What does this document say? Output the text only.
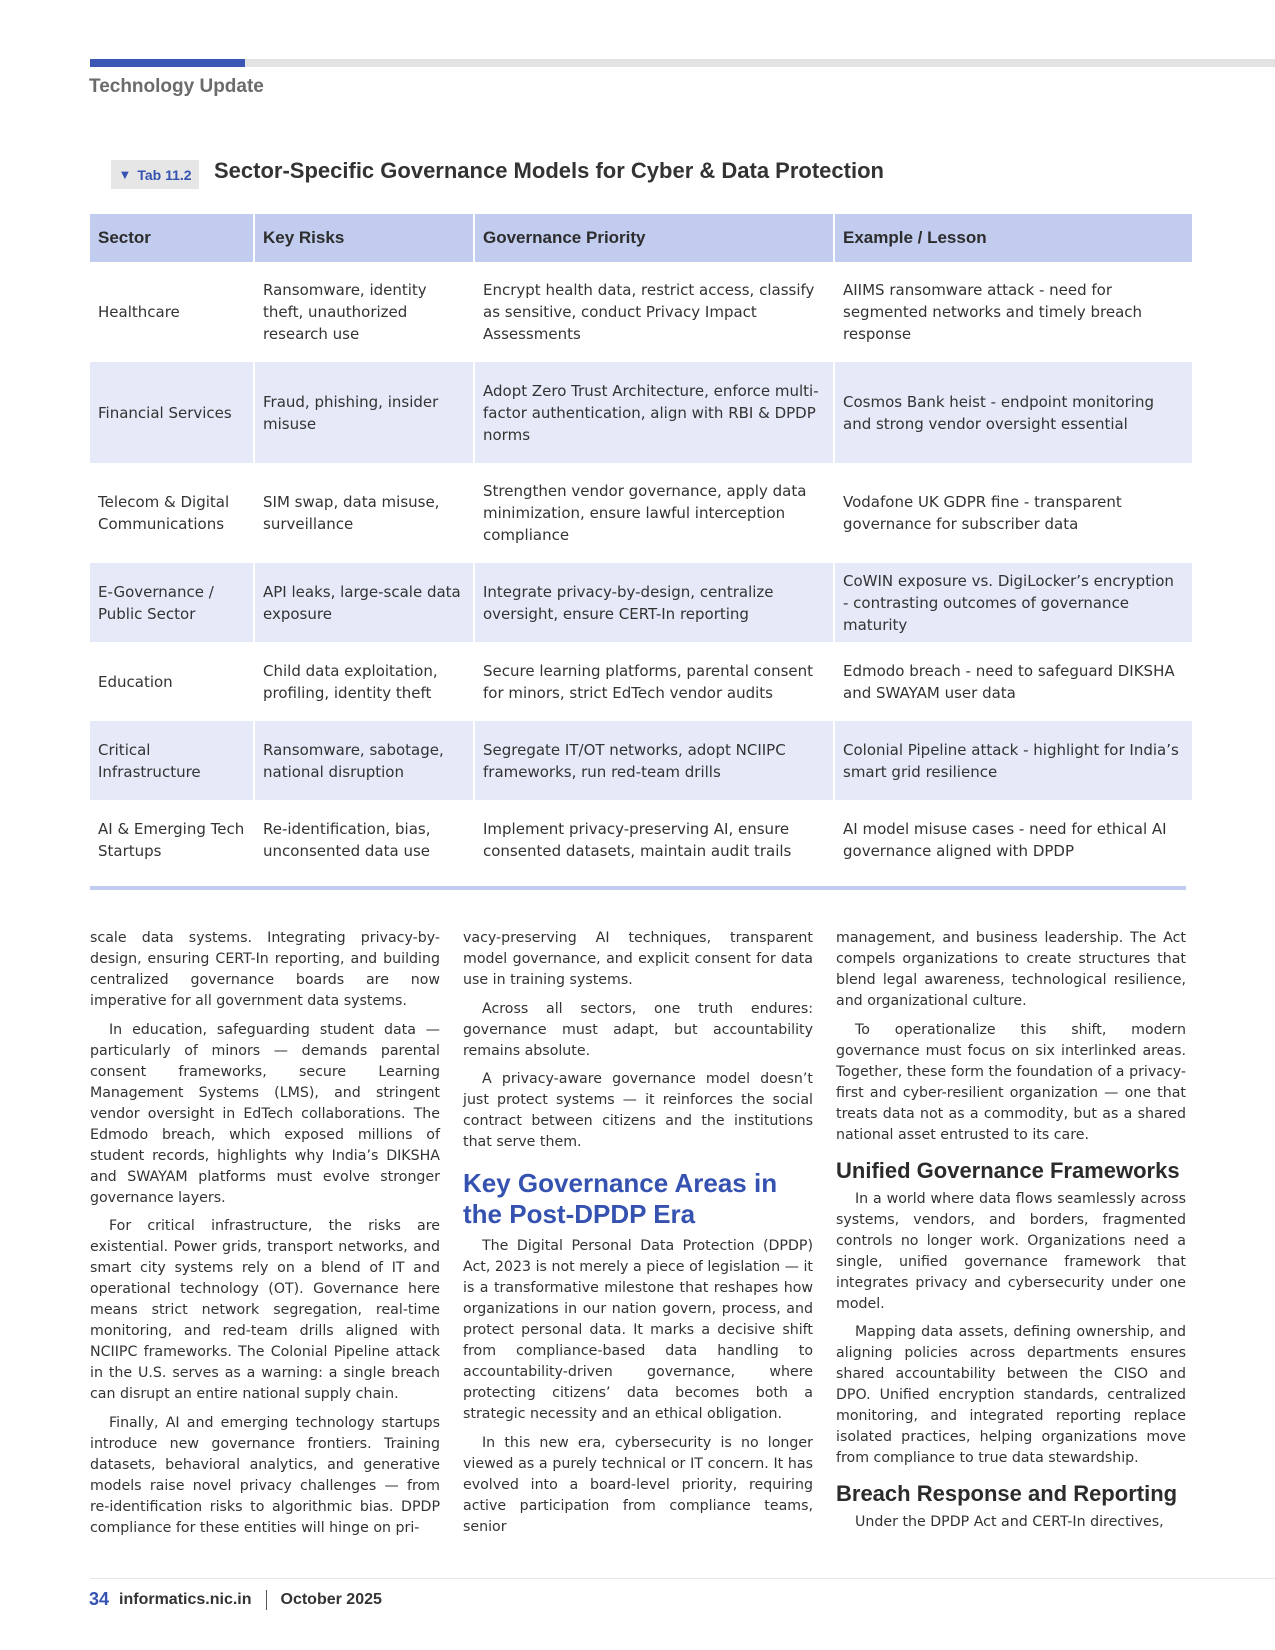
Technology Update
▼ Tab 11.2 Sector-Specific Governance Models for Cyber & Data Protection
Sector	Key Risks	Governance Priority	Example / Lesson
Healthcare	Ransomware, identity theft, unauthorized research use	Encrypt health data, restrict access, classify as sensitive, conduct Privacy Impact Assessments	AIIMS ransomware attack - need for segmented networks and timely breach response
Financial Services	Fraud, phishing, insider misuse	Adopt Zero Trust Architecture, enforce multi-factor authentication, align with RBI & DPDP norms	Cosmos Bank heist - endpoint monitoring and strong vendor oversight essential
Telecom & Digital Communications	SIM swap, data misuse, surveillance	Strengthen vendor governance, apply data minimization, ensure lawful interception compliance	Vodafone UK GDPR fine - transparent governance for subscriber data
E-Governance / Public Sector	API leaks, large-scale data exposure	Integrate privacy-by-design, centralize oversight, ensure CERT-In reporting	CoWIN exposure vs. DigiLocker’s encryption - contrasting outcomes of governance maturity
Education	Child data exploitation, profiling, identity theft	Secure learning platforms, parental consent for minors, strict EdTech vendor audits	Edmodo breach - need to safeguard DIKSHA and SWAYAM user data
Critical Infrastructure	Ransomware, sabotage, national disruption	Segregate IT/OT networks, adopt NCIIPC frameworks, run red-team drills	Colonial Pipeline attack - highlight for India’s smart grid resilience
AI & Emerging Tech Startups	Re-identification, bias, unconsented data use	Implement privacy-preserving AI, ensure consented datasets, maintain audit trails	AI model misuse cases - need for ethical AI governance aligned with DPDP

scale data systems. Integrating privacy-by-design, ensuring CERT-In reporting, and building centralized governance boards are now imperative for all government data systems.

In education, safeguarding student data — particularly of minors — demands parental consent frameworks, secure Learning Management Systems (LMS), and stringent vendor oversight in EdTech collaborations. The Edmodo breach, which exposed millions of student records, highlights why India’s DIKSHA and SWAYAM platforms must evolve stronger governance layers.

For critical infrastructure, the risks are existential. Power grids, transport networks, and smart city systems rely on a blend of IT and operational technology (OT). Governance here means strict network segregation, real-time monitoring, and red-team drills aligned with NCIIPC frameworks. The Colonial Pipeline attack in the U.S. serves as a warning: a single breach can disrupt an entire national supply chain.

Finally, AI and emerging technology startups introduce new governance frontiers. Training datasets, behavioral analytics, and generative models raise novel privacy challenges — from re-identification risks to algorithmic bias. DPDP compliance for these entities will hinge on pri-

vacy-preserving AI techniques, transparent model governance, and explicit consent for data use in training systems.

Across all sectors, one truth endures: governance must adapt, but accountability remains absolute.

A privacy-aware governance model doesn’t just protect systems — it reinforces the social contract between citizens and the institutions that serve them.

Key Governance Areas in the Post-DPDP Era

The Digital Personal Data Protection (DPDP) Act, 2023 is not merely a piece of legislation — it is a transformative milestone that reshapes how organizations in our nation govern, process, and protect personal data. It marks a decisive shift from compliance-based data handling to accountability-driven governance, where protecting citizens’ data becomes both a strategic necessity and an ethical obligation.

In this new era, cybersecurity is no longer viewed as a purely technical or IT concern. It has evolved into a board-level priority, requiring active participation from compliance teams, senior

management, and business leadership. The Act compels organizations to create structures that blend legal awareness, technological resilience, and organizational culture.

To operationalize this shift, modern governance must focus on six interlinked areas. Together, these form the foundation of a privacy-first and cyber-resilient organization — one that treats data not as a commodity, but as a shared national asset entrusted to its care.

Unified Governance Frameworks

In a world where data flows seamlessly across systems, vendors, and borders, fragmented controls no longer work. Organizations need a single, unified governance framework that integrates privacy and cybersecurity under one model.

Mapping data assets, defining ownership, and aligning policies across departments ensures shared accountability between the CISO and DPO. Unified encryption standards, centralized monitoring, and integrated reporting replace isolated practices, helping organizations move from compliance to true data stewardship.

Breach Response and Reporting

Under the DPDP Act and CERT-In directives,

34 informatics.nic.in October 2025
